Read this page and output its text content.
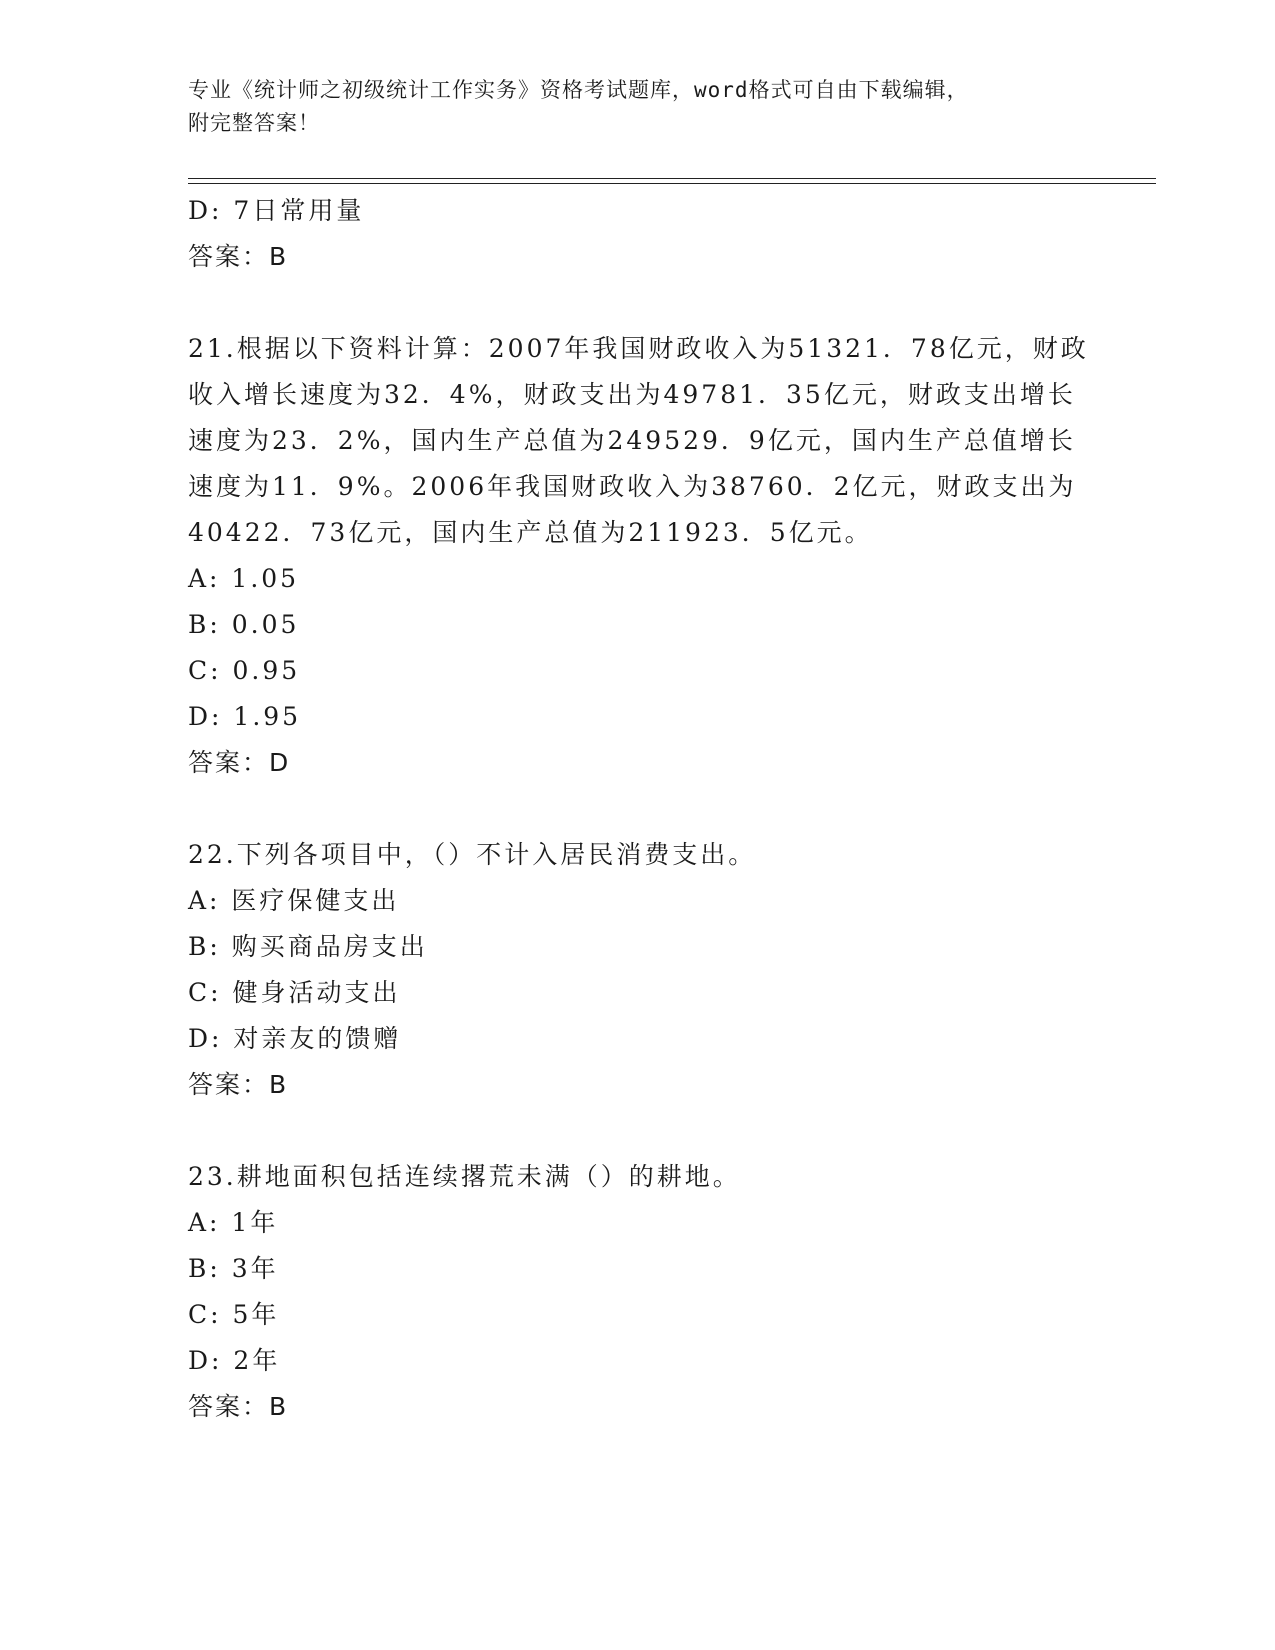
专业《统计师之初级统计工作实务》资格考试题库，word格式可自由下载编辑，
附完整答案！
D: 7日常用量
答案：B
21.根据以下资料计算：2007年我国财政收入为51321．78亿元，财政
收入增长速度为32．4%，财政支出为49781．35亿元，财政支出增长
速度为23．2%，国内生产总值为249529．9亿元，国内生产总值增长
速度为11．9%。2006年我国财政收入为38760．2亿元，财政支出为
40422．73亿元，国内生产总值为211923．5亿元。
A: 1.05
B: 0.05
C: 0.95
D: 1.95
答案：D
22.下列各项目中，（）不计入居民消费支出。
A: 医疗保健支出
B: 购买商品房支出
C: 健身活动支出
D: 对亲友的馈赠
答案：B
23.耕地面积包括连续撂荒未满（）的耕地。
A: 1年
B: 3年
C: 5年
D: 2年
答案：B
